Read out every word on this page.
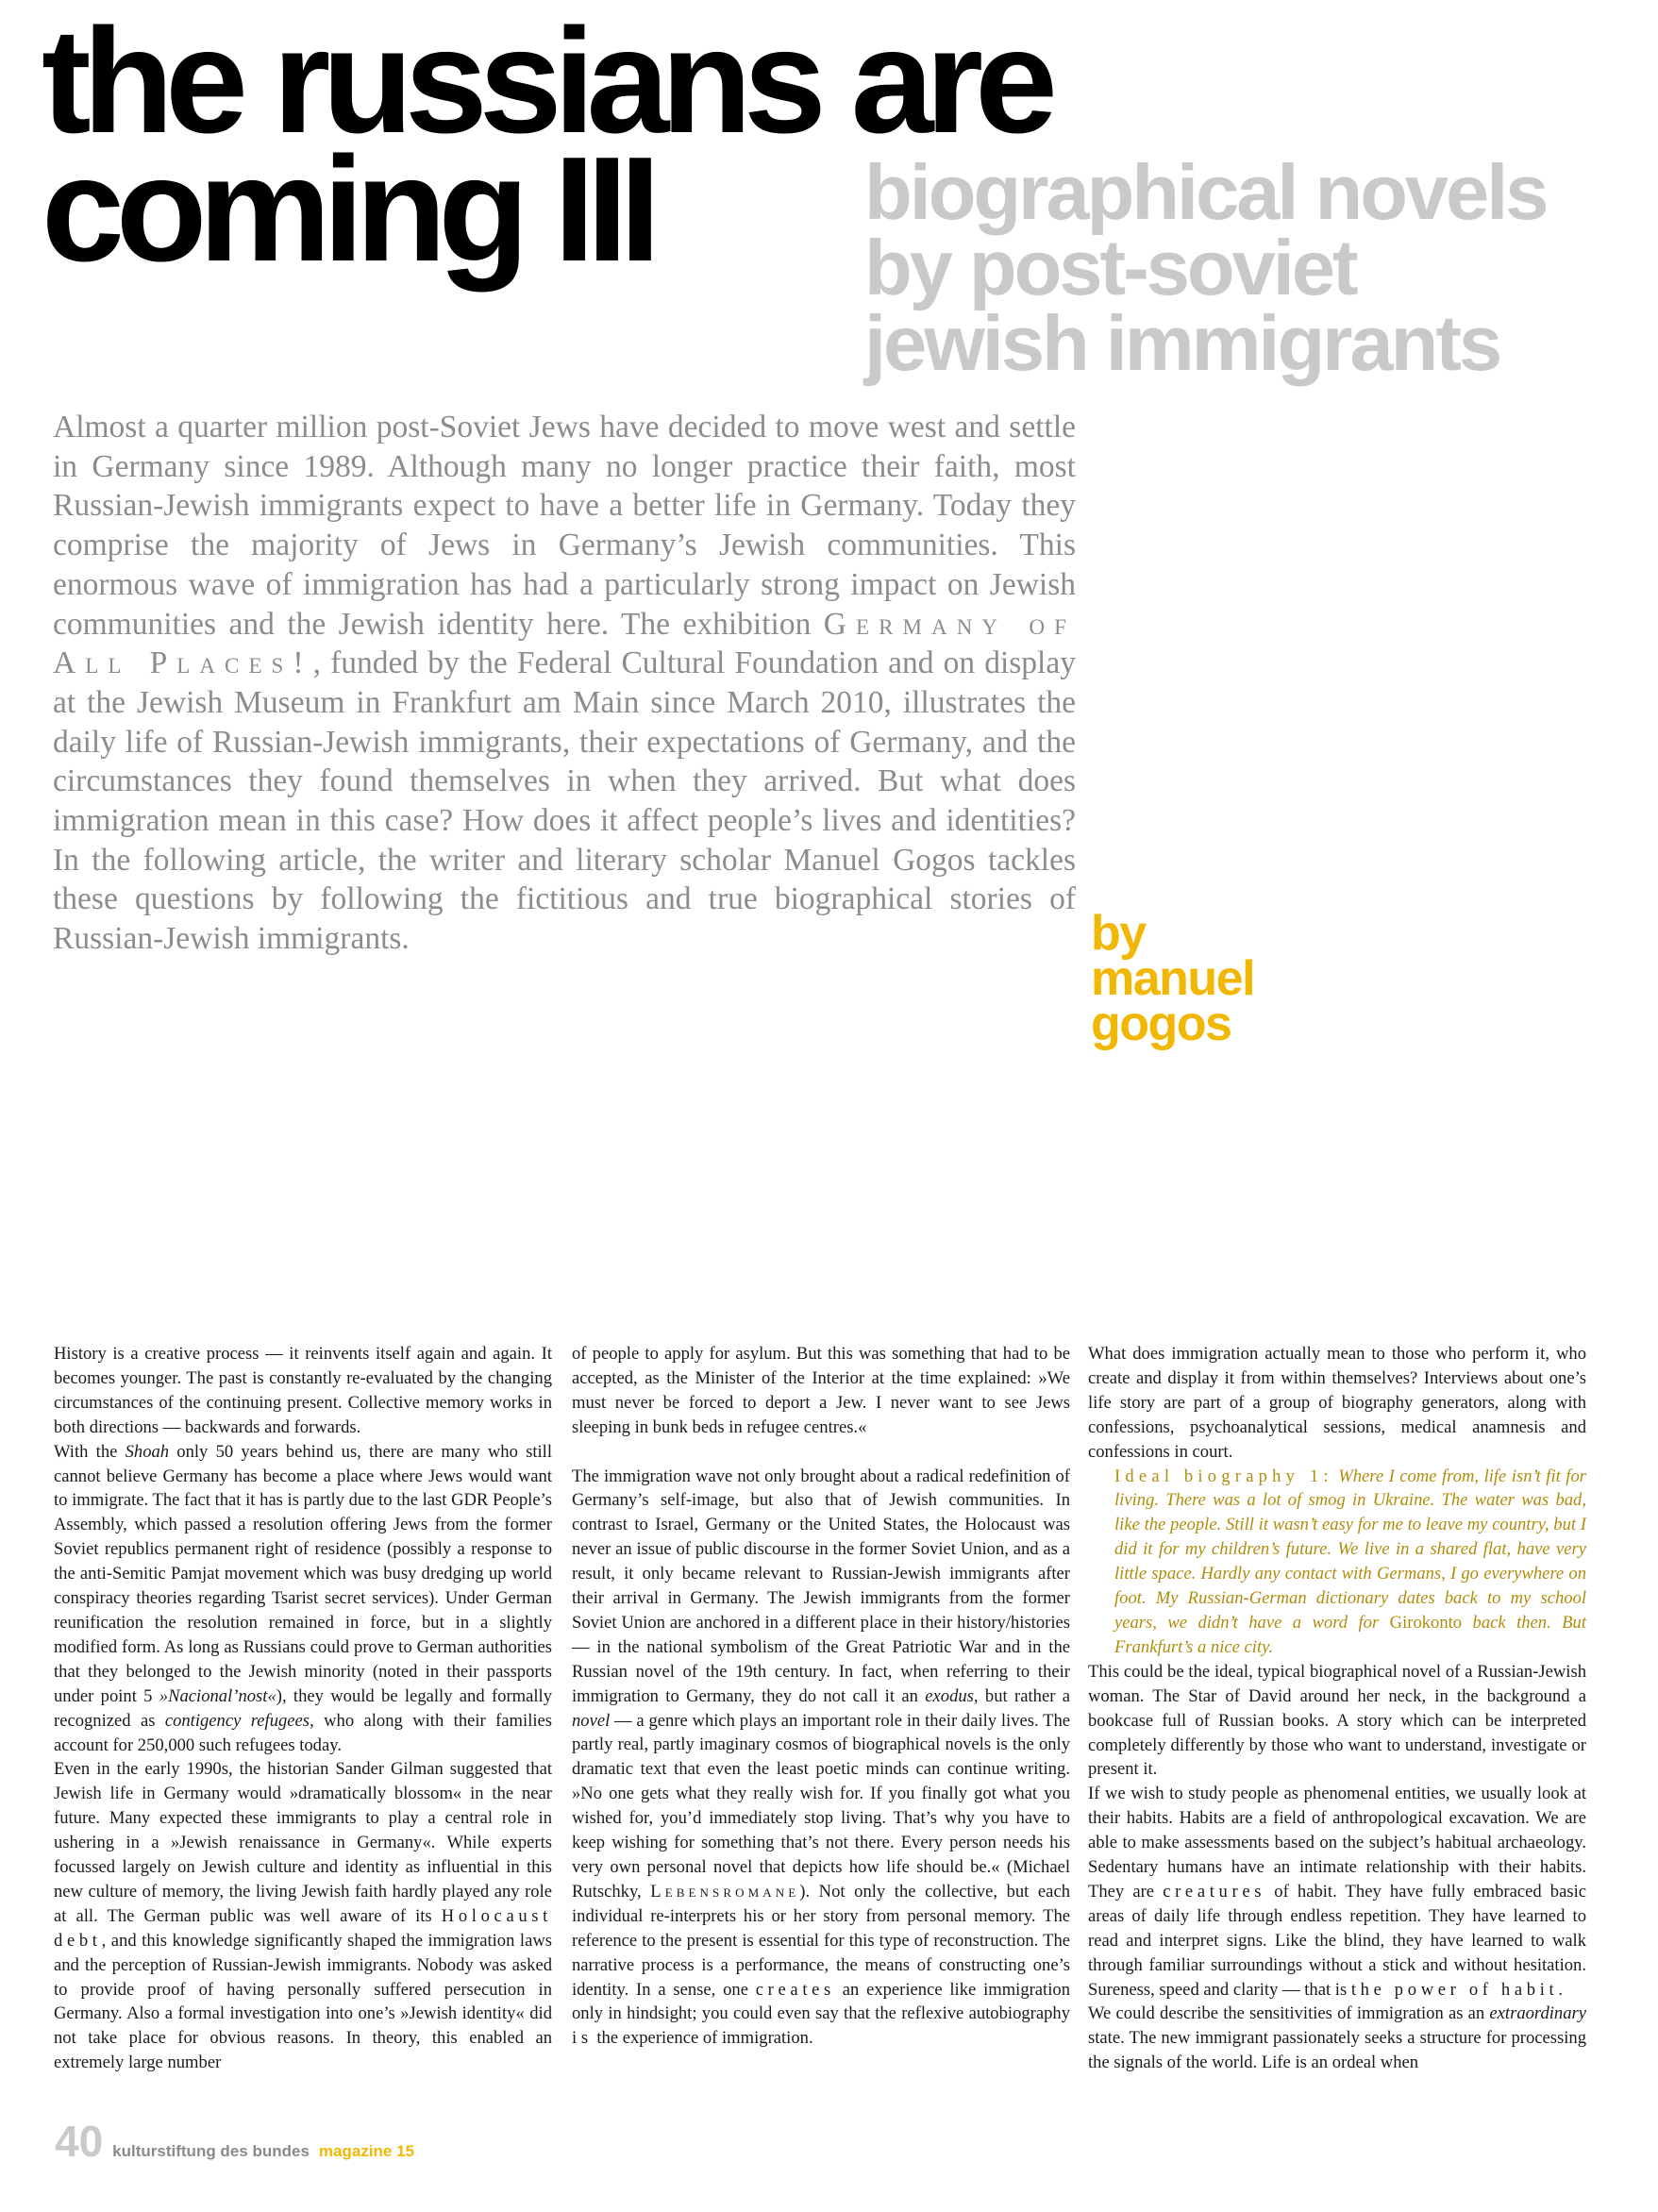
the russians are
coming III	biographical novels
by post-soviet
jewish immigrants

Almost a quarter million post-Soviet Jews have decided to move west and settle in Germany since 1989. Although many no longer practice their faith, most Russian-Jewish immigrants expect to have a better life in Germany. Today they comprise the majority of Jews in Germany’s Jewish communities. This enormous wave of immigration has had a particularly strong impact on Jewish communities and the Jewish identity here. The exhibition Germany of All Places!, funded by the Federal Cultural Foundation and on display at the Jewish Museum in Frankfurt am Main since March 2010, illustrates the daily life of Russian-Jewish immigrants, their expectations of Germany, and the circumstances they found themselves in when they arrived. But what does immigration mean in this case? How does it affect people’s lives and identities? In the following article, the writer and literary scholar Manuel Gogos tackles these questions by following the fictitious and true biographical stories of Russian-Jewish immigrants.	by
manuel
gogos

History is a creative process — it reinvents itself again and again. It becomes younger. The past is constantly re-evaluated by the changing circumstances of the continuing present. Collective memory works in both directions — backwards and forwards.

With the Shoah only 50 years behind us, there are many who still cannot believe Germany has become a place where Jews would want to immigrate. The fact that it has is partly due to the last GDR People’s Assembly, which passed a resolution offering Jews from the former Soviet republics permanent right of residence (possibly a response to the anti-Semitic Pamjat movement which was busy dredging up world conspiracy theories regarding Tsarist secret services). Under German reunification the resolution remained in force, but in a slightly modified form. As long as Russians could prove to German authorities that they belonged to the Jewish minority (noted in their passports under point 5 »Nacional’nost«), they would be legally and formally recognized as contigency refugees, who along with their families account for 250,000 such refugees today.

Even in the early 1990s, the historian Sander Gilman suggested that Jewish life in Germany would »dramatically blossom« in the near future. Many expected these immigrants to play a central role in ushering in a »Jewish renaissance in Germany«. While experts focussed largely on Jewish culture and identity as influential in this new culture of memory, the living Jewish faith hardly played any role at all. The German public was well aware of its Holocaust debt, and this knowledge significantly shaped the immigration laws and the perception of Russian-Jewish immigrants. Nobody was asked to provide proof of having personally suffered persecution in Germany. Also a formal investigation into one’s »Jewish identity« did not take place for obvious reasons. In theory, this enabled an extremely large number

of people to apply for asylum. But this was something that had to be accepted, as the Minister of the Interior at the time explained: »We must never be forced to deport a Jew. I never want to see Jews sleeping in bunk beds in refugee centres.«

The immigration wave not only brought about a radical redefinition of Germany’s self-image, but also that of Jewish communities. In contrast to Israel, Germany or the United States, the Holocaust was never an issue of public discourse in the former Soviet Union, and as a result, it only became relevant to Russian-Jewish immigrants after their arrival in Germany. The Jewish immigrants from the former Soviet Union are anchored in a different place in their history/histories — in the national symbolism of the Great Patriotic War and in the Russian novel of the 19th century. In fact, when referring to their immigration to Germany, they do not call it an exodus, but rather a novel — a genre which plays an important role in their daily lives. The partly real, partly imaginary cosmos of biographical novels is the only dramatic text that even the least poetic minds can continue writing. »No one gets what they really wish for. If you finally got what you wished for, you’d immediately stop living. That’s why you have to keep wishing for something that’s not there. Every person needs his very own personal novel that depicts how life should be.« (Michael Rutschky, Lebensromane). Not only the collective, but each individual re-interprets his or her story from personal memory. The reference to the present is essential for this type of reconstruction. The narrative process is a performance, the means of constructing one’s identity. In a sense, one creates an experience like immigration only in hindsight; you could even say that the reflexive autobiography is the experience of immigration.

What does immigration actually mean to those who perform it, who create and display it from within themselves? Interviews about one’s life story are part of a group of biography generators, along with confessions, psychoanalytical sessions, medical anamnesis and confessions in court.

Ideal biography 1: Where I come from, life isn’t fit for living. There was a lot of smog in Ukraine. The water was bad, like the people. Still it wasn’t easy for me to leave my country, but I did it for my children’s future. We live in a shared flat, have very little space. Hardly any contact with Germans, I go everywhere on foot. My Russian-German dictionary dates back to my school years, we didn’t have a word for Girokonto back then. But Frankfurt’s a nice city.

This could be the ideal, typical biographical novel of a Russian-Jewish woman. The Star of David around her neck, in the background a bookcase full of Russian books. A story which can be interpreted completely differently by those who want to understand, investigate or present it.

If we wish to study people as phenomenal entities, we usually look at their habits. Habits are a field of anthropological excavation. We are able to make assessments based on the subject’s habitual archaeology. Sedentary humans have an intimate relationship with their habits. They are creatures of habit. They have fully embraced basic areas of daily life through endless repetition. They have learned to read and interpret signs. Like the blind, they have learned to walk through familiar surroundings without a stick and without hesitation. Sureness, speed and clarity — that is the power of habit.

We could describe the sensitivities of immigration as an extraordinary state. The new immigrant passionately seeks a structure for processing the signals of the world. Life is an ordeal when

40 kulturstiftung des bundes magazine 15
